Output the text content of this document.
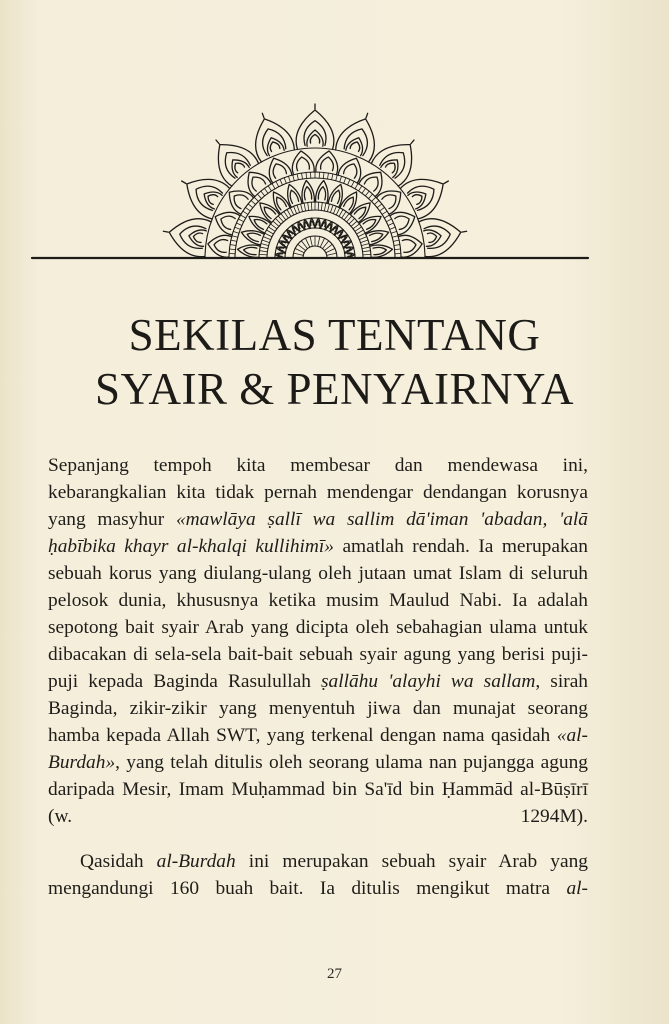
SEKILAS TENTANG
SYAIR & PENYAIRNYA

Sepanjang tempoh kita membesar dan mendewasa ini, kebarangkalian kita tidak pernah mendengar dendangan korusnya yang masyhur «mawlāya ṣallī wa sallim dā'iman 'abadan, 'alā ḥabībika khayr al-khalqi kullihimī» amatlah rendah. Ia merupakan sebuah korus yang diulang-ulang oleh jutaan umat Islam di seluruh pelosok dunia, khususnya ketika musim Maulud Nabi. Ia adalah sepotong bait syair Arab yang dicipta oleh sebahagian ulama untuk dibacakan di sela-sela bait-bait sebuah syair agung yang berisi puji-puji kepada Baginda Rasulullah ṣallāhu 'alayhi wa sallam, sirah Baginda, zikir-zikir yang menyentuh jiwa dan munajat seorang hamba kepada Allah SWT, yang terkenal dengan nama qasidah «al-Burdah», yang telah ditulis oleh seorang ulama nan pujangga agung daripada Mesir, Imam Muḥammad bin Sa'īd bin Ḥammād al-Būṣīrī (w. 1294M).

Qasidah al-Burdah ini merupakan sebuah syair Arab yang mengandungi 160 buah bait. Ia ditulis mengikut matra al-

27
